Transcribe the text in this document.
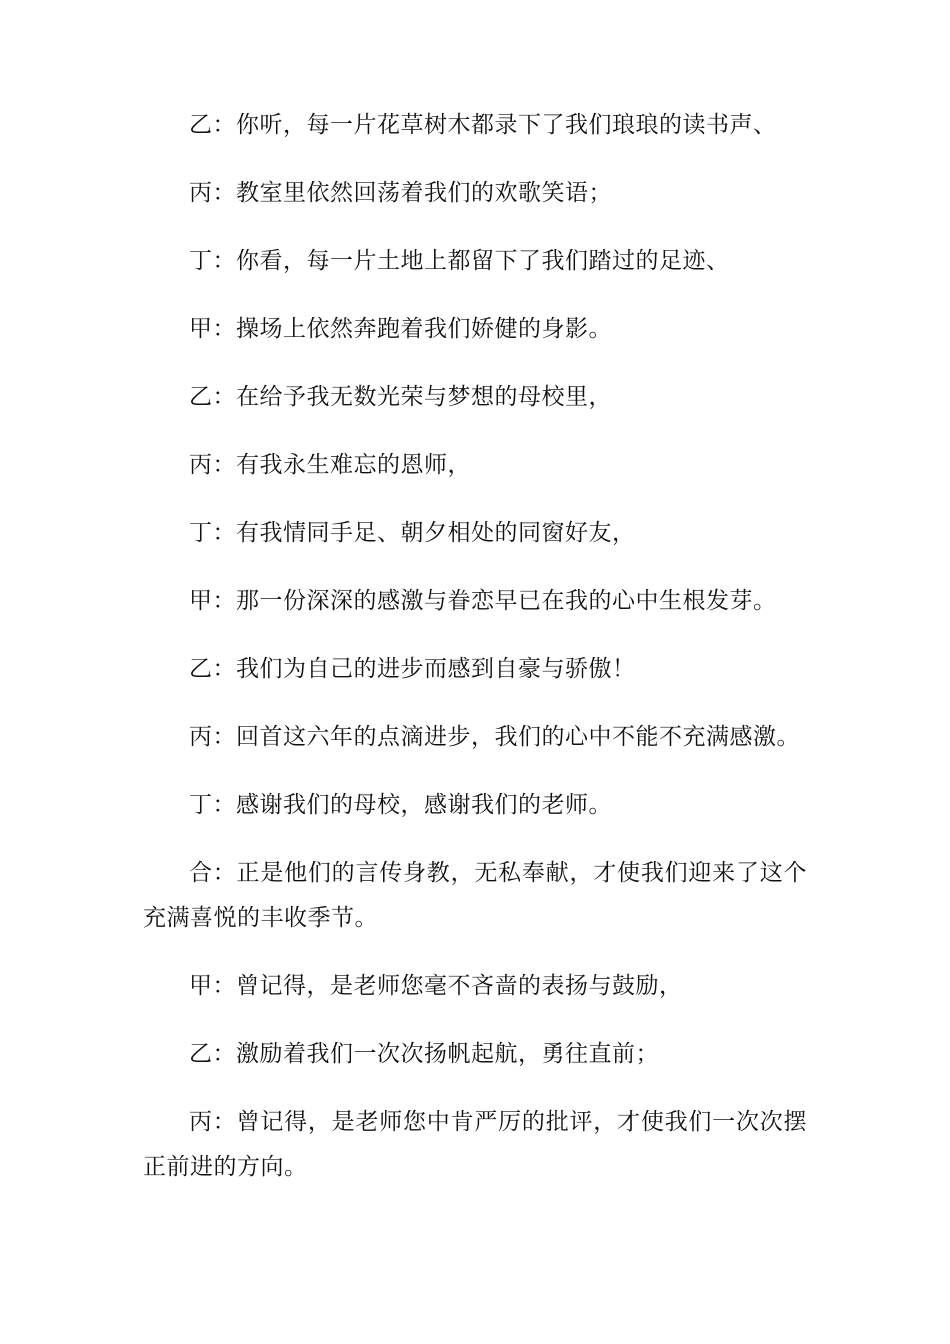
乙：你听，每一片花草树木都录下了我们琅琅的读书声、

丙：教室里依然回荡着我们的欢歌笑语；

丁：你看，每一片土地上都留下了我们踏过的足迹、

甲：操场上依然奔跑着我们娇健的身影。

乙：在给予我无数光荣与梦想的母校里，

丙：有我永生难忘的恩师，

丁：有我情同手足、朝夕相处的同窗好友，

甲：那一份深深的感激与眷恋早已在我的心中生根发芽。

乙：我们为自己的进步而感到自豪与骄傲！

丙：回首这六年的点滴进步，我们的心中不能不充满感激。

丁：感谢我们的母校，感谢我们的老师。

合：正是他们的言传身教，无私奉献，才使我们迎来了这个充满喜悦的丰收季节。

甲：曾记得，是老师您毫不吝啬的表扬与鼓励，

乙：激励着我们一次次扬帆起航，勇往直前；

丙：曾记得，是老师您中肯严厉的批评，才使我们一次次摆正前进的方向。
